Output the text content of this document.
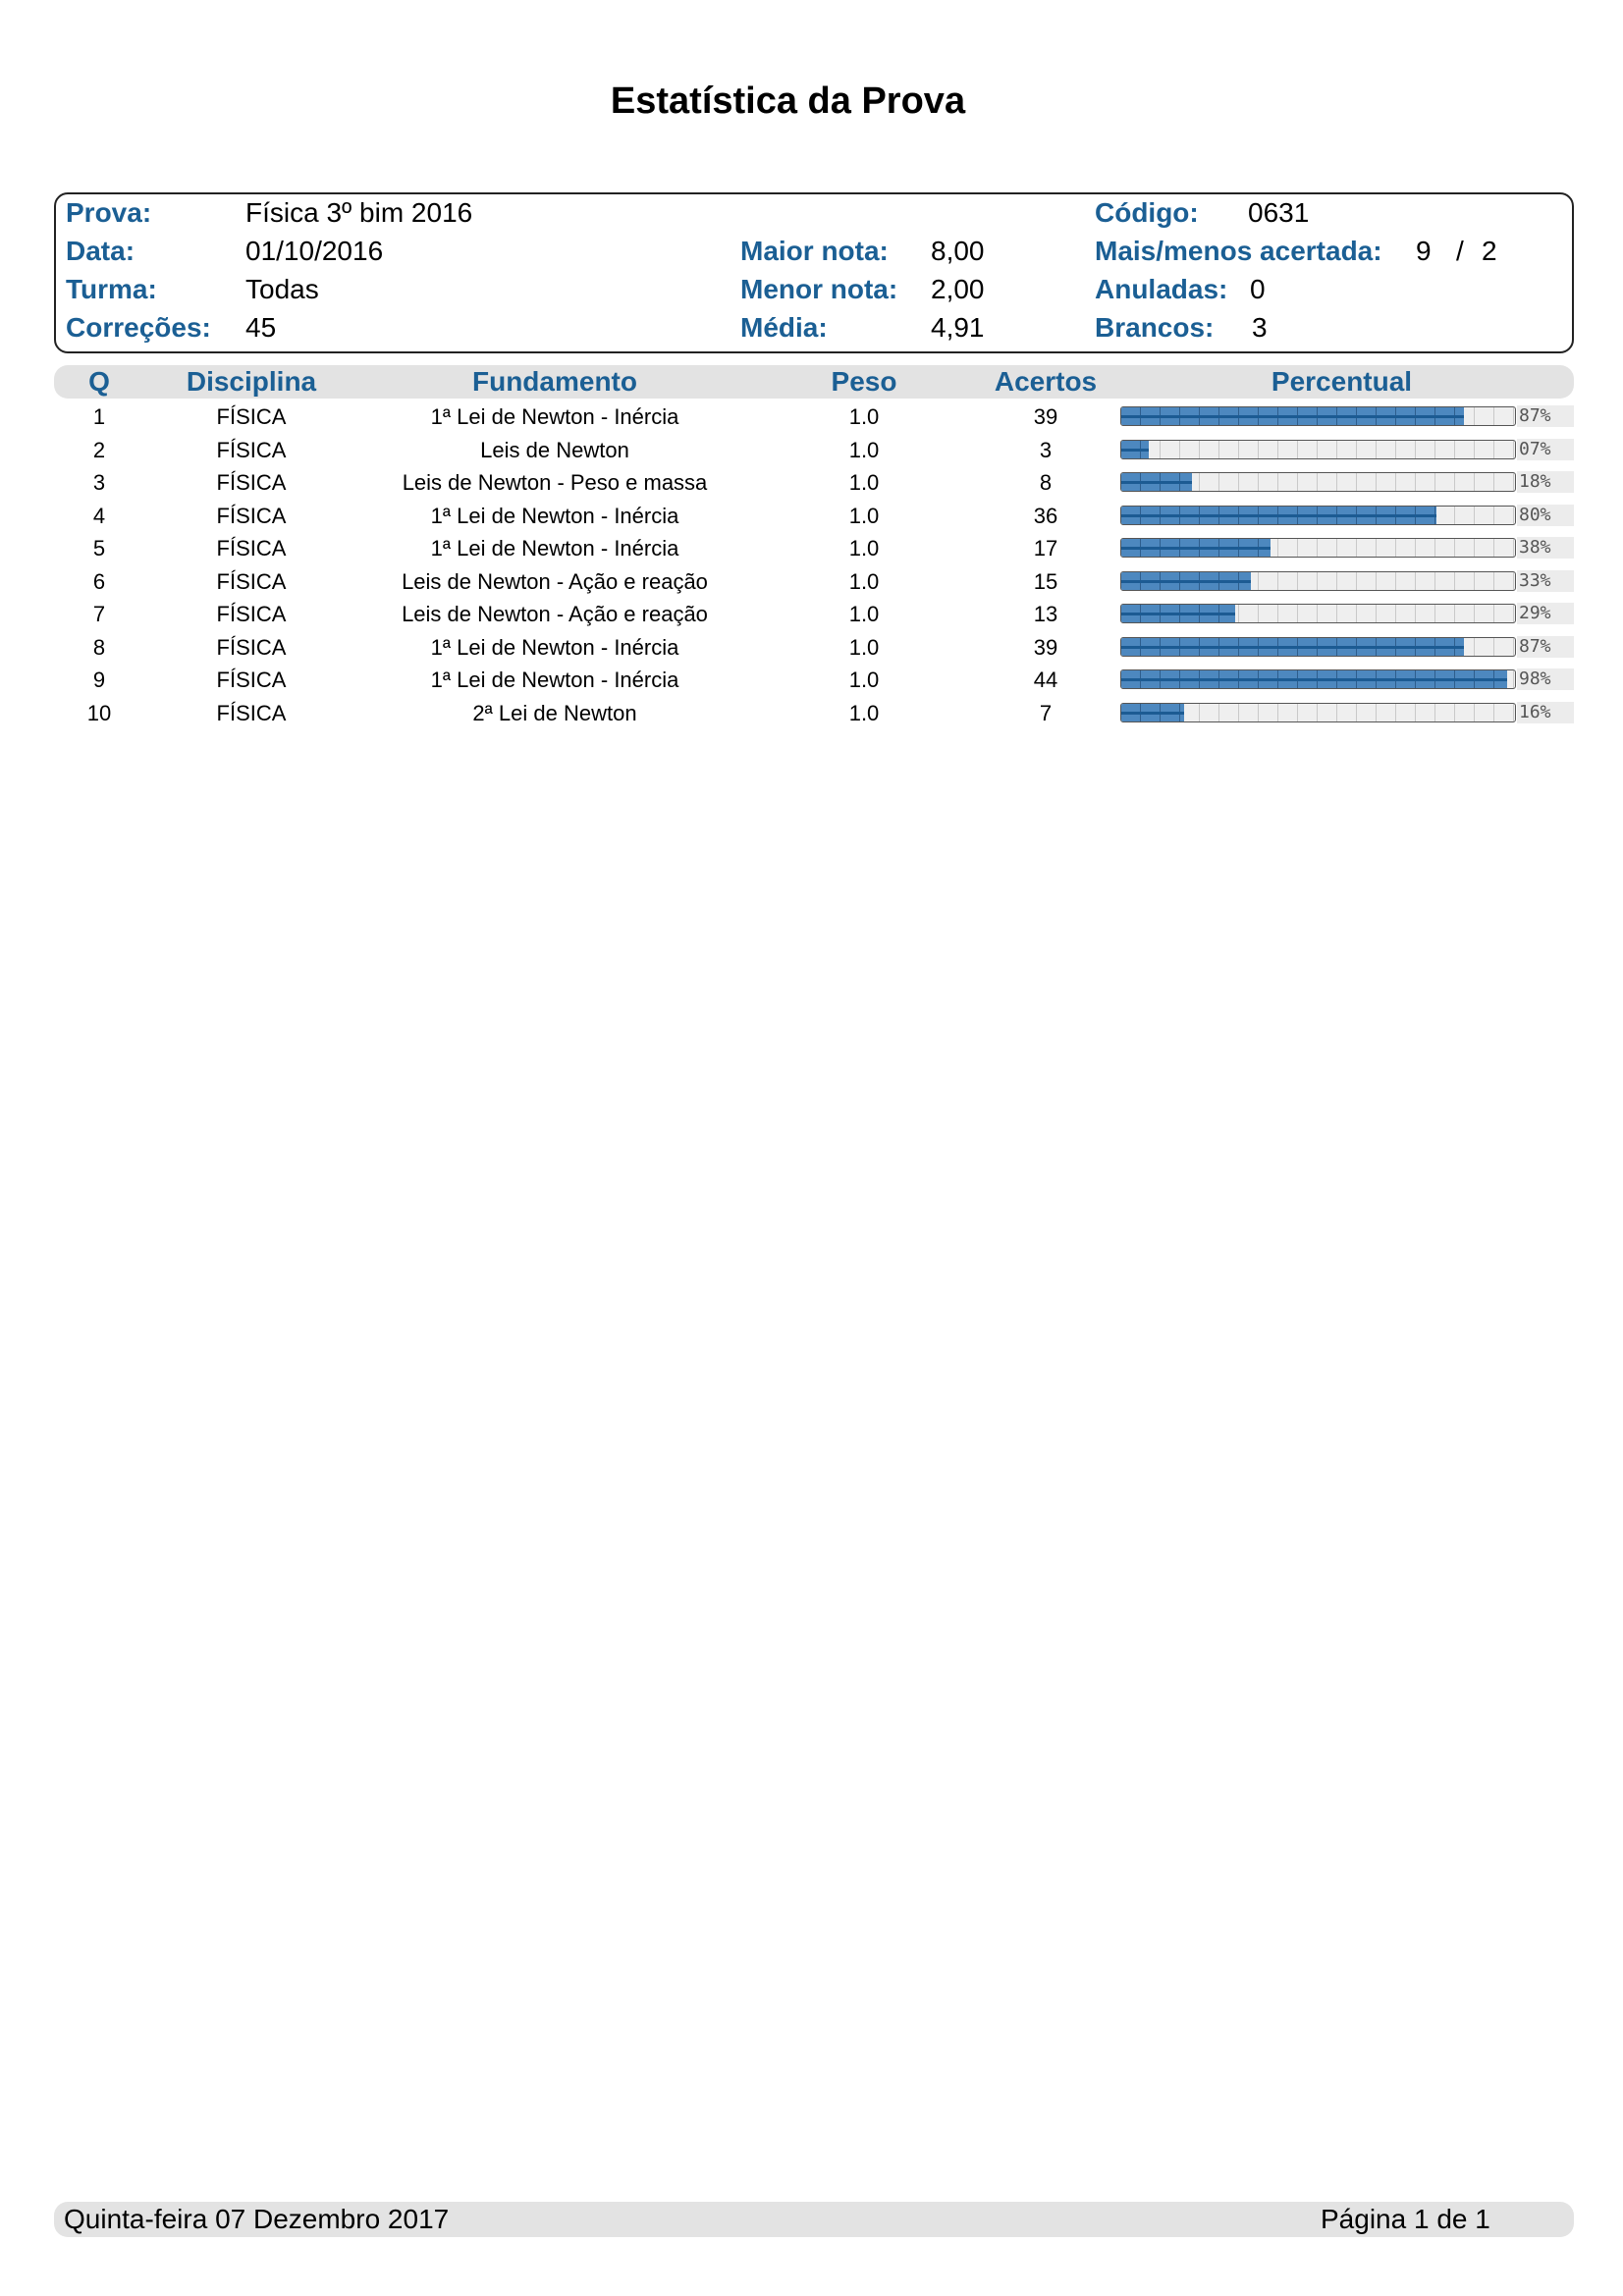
Estatística da Prova
Prova:	Física 3º bim 2016
Data:	01/10/2016
Turma:	Todas
Correções: 45
Maior nota: 8,00
Menor nota: 2,00
Média:	4,91
Código: 0631
Mais/menos acertada: 9 / 2
Anuladas: 0
Brancos: 3
Q	Disciplina	Fundamento	Peso	Acertos	Percentual
1	FÍSICA	1ª Lei de Newton - Inércia	1.0	39	87%
2	FÍSICA	Leis de Newton	1.0	3	07%
3	FÍSICA	Leis de Newton - Peso e massa	1.0	8	18%
4	FÍSICA	1ª Lei de Newton - Inércia	1.0	36	80%
5	FÍSICA	1ª Lei de Newton - Inércia	1.0	17	38%
6	FÍSICA	Leis de Newton - Ação e reação	1.0	15	33%
7	FÍSICA	Leis de Newton - Ação e reação	1.0	13	29%
8	FÍSICA	1ª Lei de Newton - Inércia	1.0	39	87%
9	FÍSICA	1ª Lei de Newton - Inércia	1.0	44	98%
10	FÍSICA	2ª Lei de Newton	1.0	7	16%
Quinta-feira 07 Dezembro 2017	Página 1 de 1
